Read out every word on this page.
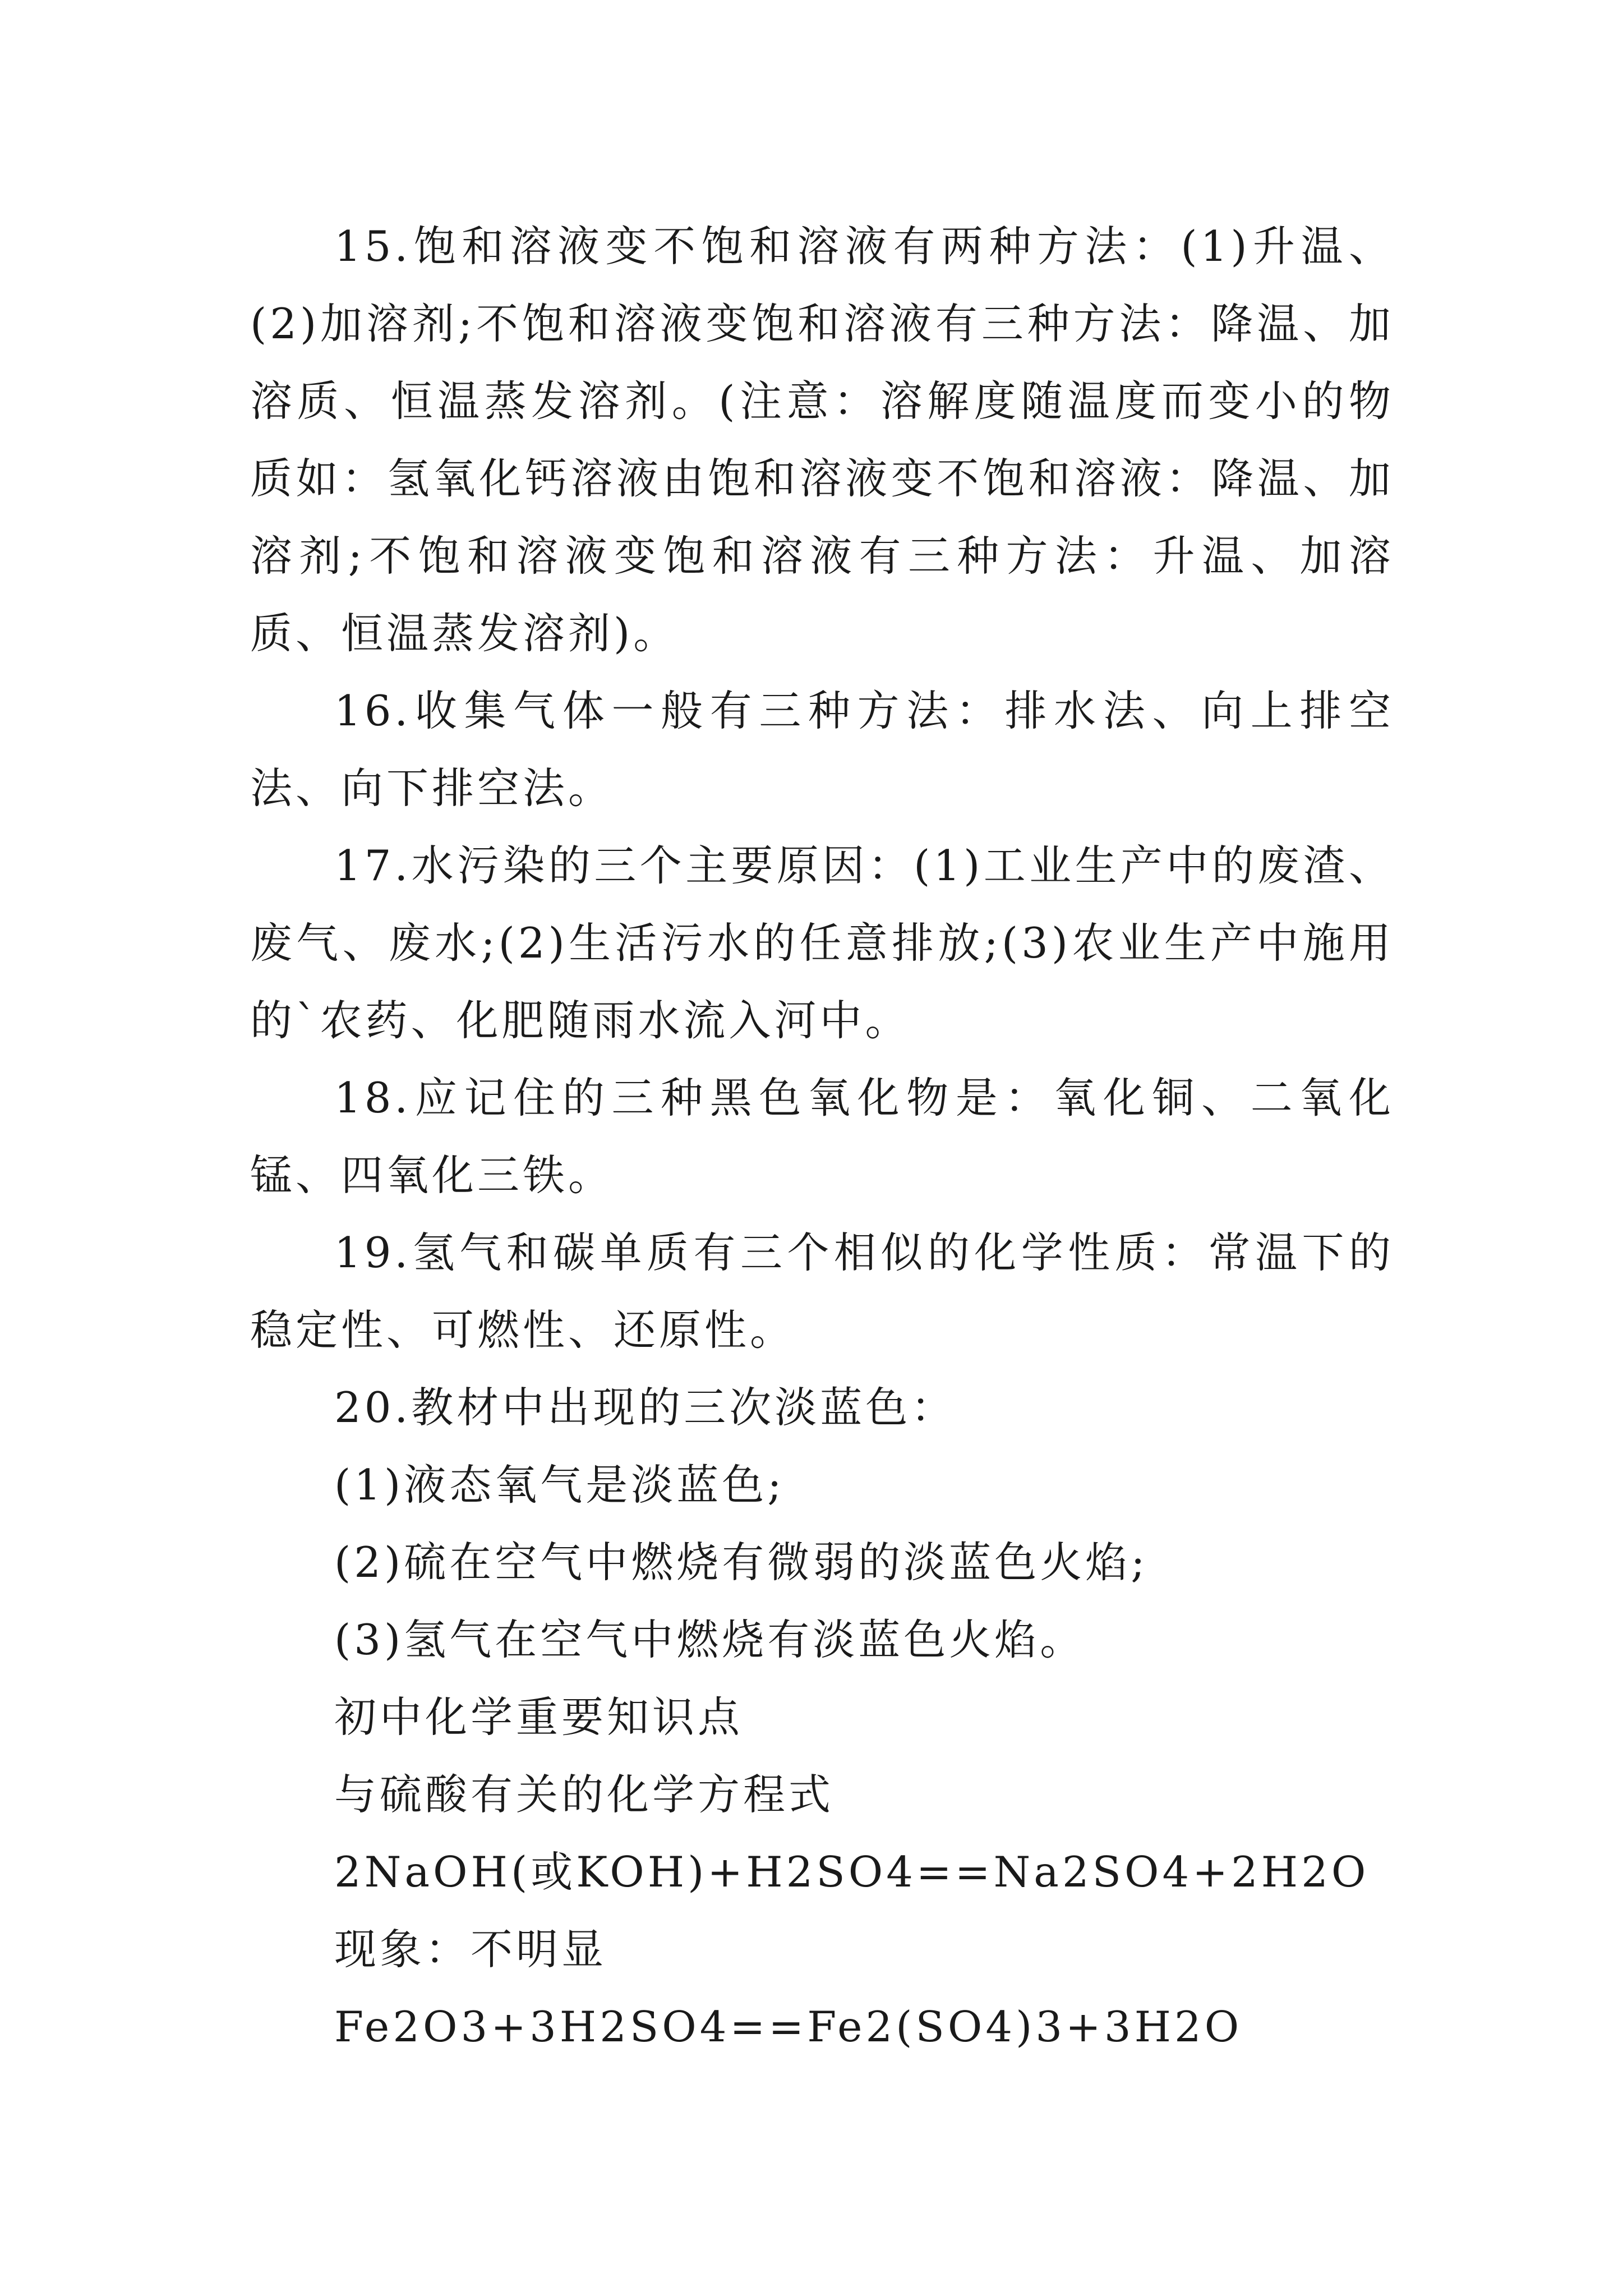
15.饱和溶液变不饱和溶液有两种方法：(1)升温、(2)加溶剂;不饱和溶液变饱和溶液有三种方法：降温、加溶质、恒温蒸发溶剂。(注意：溶解度随温度而变小的物质如：氢氧化钙溶液由饱和溶液变不饱和溶液：降温、加溶剂;不饱和溶液变饱和溶液有三种方法：升温、加溶质、恒温蒸发溶剂)。

16.收集气体一般有三种方法：排水法、向上排空法、向下排空法。

17.水污染的三个主要原因：(1)工业生产中的废渣、废气、废水;(2)生活污水的任意排放;(3)农业生产中施用的`农药、化肥随雨水流入河中。

18.应记住的三种黑色氧化物是：氧化铜、二氧化锰、四氧化三铁。

19.氢气和碳单质有三个相似的化学性质：常温下的稳定性、可燃性、还原性。

20.教材中出现的三次淡蓝色：

(1)液态氧气是淡蓝色;

(2)硫在空气中燃烧有微弱的淡蓝色火焰;

(3)氢气在空气中燃烧有淡蓝色火焰。

初中化学重要知识点

与硫酸有关的化学方程式

2NaOH(或KOH)+H2SO4==Na2SO4+2H2O

现象：不明显

Fe2O3+3H2SO4==Fe2(SO4)3+3H2O
